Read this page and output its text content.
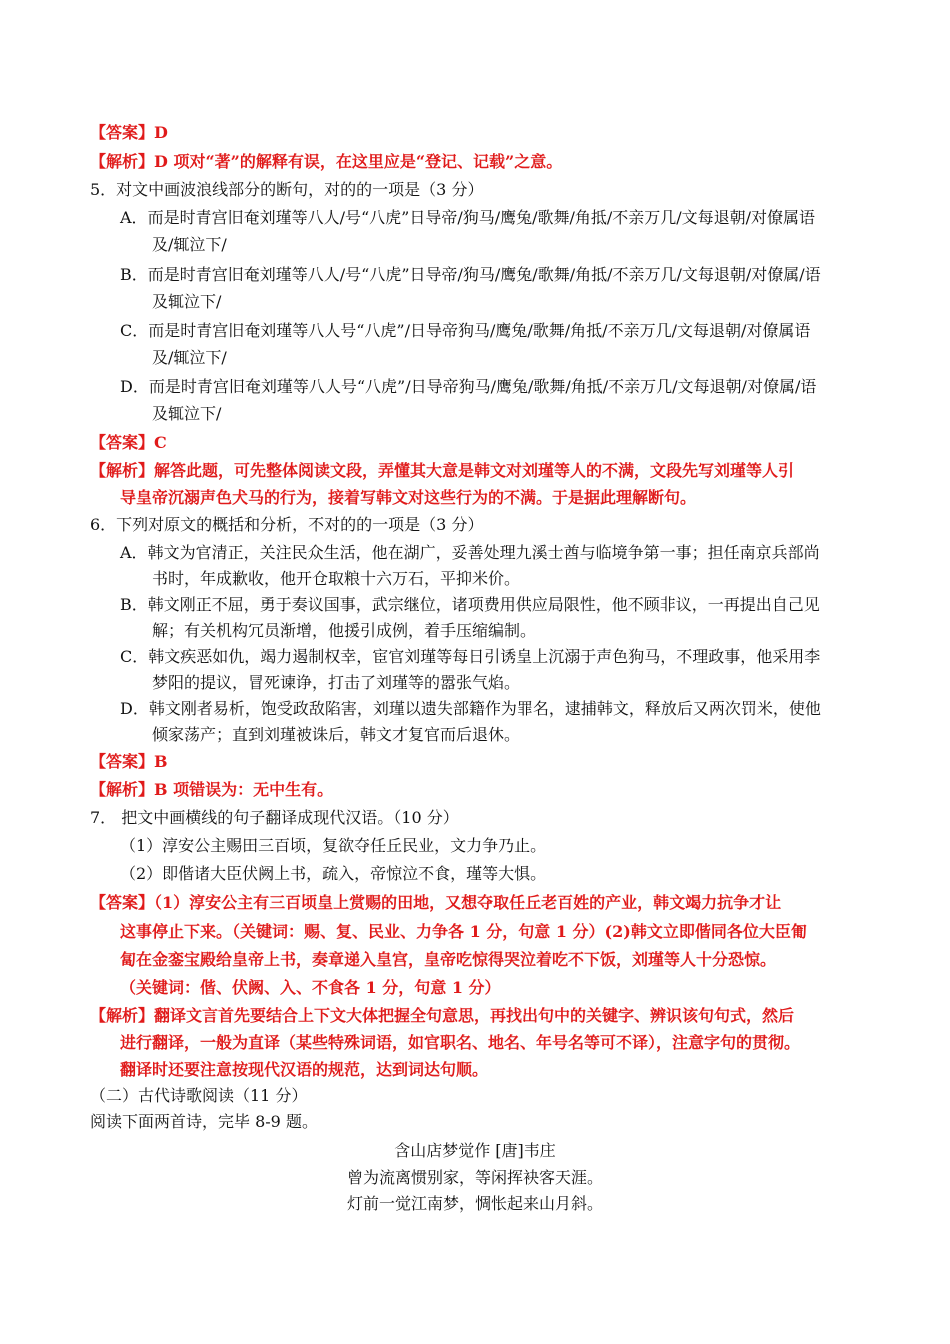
【答案】D
【解析】D 项对“著”的解释有误，在这里应是“登记、记载”之意。
5．对文中画波浪线部分的断句，对的的一项是（3 分）
A．而是时青宫旧奄刘瑾等八人/号“八虎”日导帝/狗马/鹰兔/歌舞/角抵/不亲万几/文每退朝/对僚属语
及/辄泣下/
B．而是时青宫旧奄刘瑾等八人/号“八虎”日导帝/狗马/鹰兔/歌舞/角抵/不亲万几/文每退朝/对僚属/语
及辄泣下/
C．而是时青宫旧奄刘瑾等八人号“八虎”/日导帝狗马/鹰兔/歌舞/角抵/不亲万几/文每退朝/对僚属语
及/辄泣下/
D．而是时青宫旧奄刘瑾等八人号“八虎”/日导帝狗马/鹰兔/歌舞/角抵/不亲万几/文每退朝/对僚属/语
及辄泣下/
【答案】C
【解析】解答此题，可先整体阅读文段，弄懂其大意是韩文对刘瑾等人的不满，文段先写刘瑾等人引
导皇帝沉溺声色犬马的行为，接着写韩文对这些行为的不满。于是据此理解断句。
6．下列对原文的概括和分析，不对的的一项是（3 分）
A．韩文为官清正，关注民众生活，他在湖广，妥善处理九溪士酋与临境争第一事；担任南京兵部尚
书时，年成歉收，他开仓取粮十六万石，平抑米价。
B．韩文刚正不屈，勇于奏议国事，武宗继位，诸项费用供应局限性，他不顾非议，一再提出自己见
解；有关机构冗员渐增，他援引成例，着手压缩编制。
C．韩文疾恶如仇，竭力遏制权幸，宦官刘瑾等每日引诱皇上沉溺于声色狗马，不理政事，他采用李
梦阳的提议，冒死谏诤，打击了刘瑾等的嚣张气焰。
D．韩文刚者易析，饱受政敌陷害，刘瑾以遗失部籍作为罪名，逮捕韩文，释放后又两次罚米，使他
倾家荡产；直到刘瑾被诛后，韩文才复官而后退休。
【答案】B
【解析】B 项错误为：无中生有。
7． 把文中画横线的句子翻译成现代汉语。（10 分）
（1）淳安公主赐田三百顷，复欲夺任丘民业，文力争乃止。
（2）即偕诸大臣伏阙上书，疏入，帝惊泣不食，瑾等大惧。
【答案】（1）淳安公主有三百顷皇上赏赐的田地，又想夺取任丘老百姓的产业，韩文竭力抗争才让
这事停止下来。（关键词：赐、复、民业、力争各 1 分，句意 1 分）(2)韩文立即偕同各位大臣匍
匐在金銮宝殿给皇帝上书，奏章递入皇宫，皇帝吃惊得哭泣着吃不下饭，刘瑾等人十分恐惊。
（关键词：偕、伏阙、入、不食各 1 分，句意 1 分）
【解析】翻译文言首先要结合上下文大体把握全句意思，再找出句中的关键字、辨识该句句式，然后
进行翻译，一般为直译（某些特殊词语，如官职名、地名、年号名等可不译），注意字句的贯彻。
翻译时还要注意按现代汉语的规范，达到词达句顺。
（二）古代诗歌阅读（11 分）
阅读下面两首诗，完毕 8-9 题。
含山店梦觉作 [唐]韦庄
曾为流离惯别家，等闲挥袂客天涯。
灯前一觉江南梦，惆怅起来山月斜。
